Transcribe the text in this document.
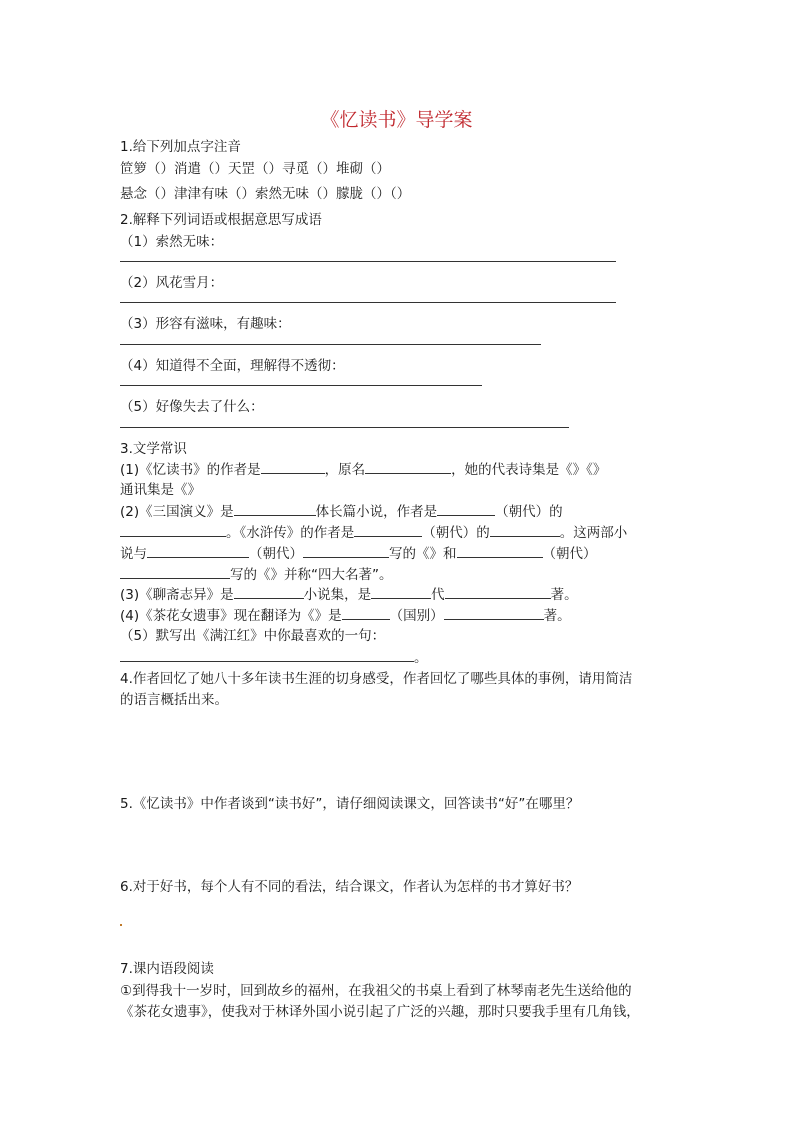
《忆读书》导学案
1.给下列加点字注音
笸箩（）消遣（）天罡（）寻觅（）堆砌（）
悬念（）津津有味（）索然无味（）朦胧（）（）
2.解释下列词语或根据意思写成语
（1）索然无味：
（2）风花雪月：
（3）形容有滋味，有趣味：
（4）知道得不全面，理解得不透彻：
（5）好像失去了什么：
3.文学常识
(1)《忆读书》的作者是	，原名	，她的代表诗集是《》《》
通讯集是《》
(2)《三国演义》是	体长篇小说，作者是	（朝代）的
。《水浒传》的作者是	（朝代）的	。这两部小
说与	（朝代）	写的《》和	（朝代）
写的《》并称“四大名著”。
(3)《聊斋志异》是	小说集，是	代	著。
(4)《茶花女遗事》现在翻译为《》是	（国别）	著。
（5）默写出《满江红》中你最喜欢的一句：
。
4.作者回忆了她八十多年读书生涯的切身感受，作者回忆了哪些具体的事例，请用简洁
的语言概括出来。
5.《忆读书》中作者谈到“读书好”，请仔细阅读课文，回答读书“好”在哪里？
6.对于好书，每个人有不同的看法，结合课文，作者认为怎样的书才算好书？
7.课内语段阅读
①到得我十一岁时，回到故乡的福州，在我祖父的书桌上看到了林琴南老先生送给他的
《茶花女遗事》，使我对于林译外国小说引起了广泛的兴趣，那时只要我手里有几角钱，
